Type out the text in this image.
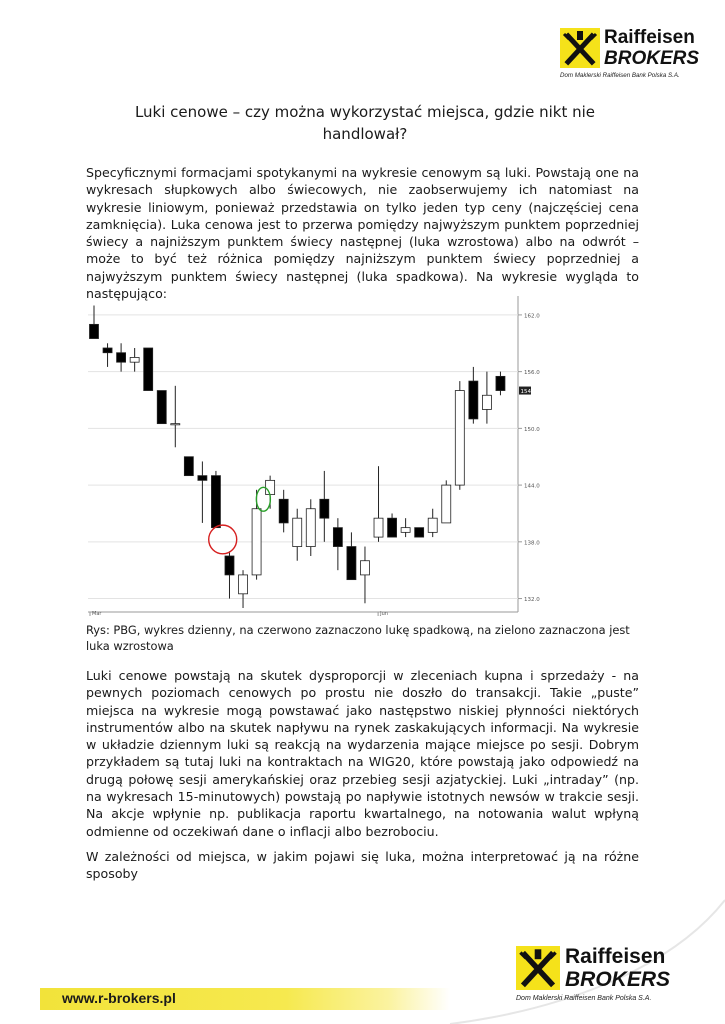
Raiffeisen
BROKERS
Dom Maklerski Raiffeisen Bank Polska S.A.
Luki cenowe – czy można wykorzystać miejsca, gdzie nikt nie handlował?

Specyficznymi formacjami spotykanymi na wykresie cenowym są luki. Powstają one na wykresach słupkowych albo świecowych, nie zaobserwujemy ich natomiast na wykresie liniowym, ponieważ przedstawia on tylko jeden typ ceny (najczęściej cena zamknięcia). Luka cenowa jest to przerwa pomiędzy najwyższym punktem poprzedniej świecy a najniższym punktem świecy następnej (luka wzrostowa) albo na odwrót – może to być też różnica pomiędzy najniższym punktem świecy poprzedniej a najwyższym punktem świecy następnej (luka spadkowa). Na wykresie wygląda to następująco:

162.0
156.0
150.0
144.0
138.0
132.0
154
Mar	Jun

Rys: PBG, wykres dzienny, na czerwono zaznaczono lukę spadkową, na zielono zaznaczona jest luka wzrostowa

Luki cenowe powstają na skutek dysproporcji w zleceniach kupna i sprzedaży - na pewnych poziomach cenowych po prostu nie doszło do transakcji. Takie „puste” miejsca na wykresie mogą powstawać jako następstwo niskiej płynności niektórych instrumentów albo na skutek napływu na rynek zaskakujących informacji. Na wykresie w układzie dziennym luki są reakcją na wydarzenia mające miejsce po sesji. Dobrym przykładem są tutaj luki na kontraktach na WIG20, które powstają jako odpowiedź na drugą połowę sesji amerykańskiej oraz przebieg sesji azjatyckiej. Luki „intraday” (np. na wykresach 15-minutowych) powstają po napływie istotnych newsów w trakcie sesji. Na akcje wpłynie np. publikacja raportu kwartalnego, na notowania walut wpłyną odmienne od oczekiwań dane o inflacji albo bezrobociu.

W zależności od miejsca, w jakim pojawi się luka, można interpretować ją na różne sposoby

www.r-brokers.pl
Raiffeisen
BROKERS
Dom Maklerski Raiffeisen Bank Polska S.A.
